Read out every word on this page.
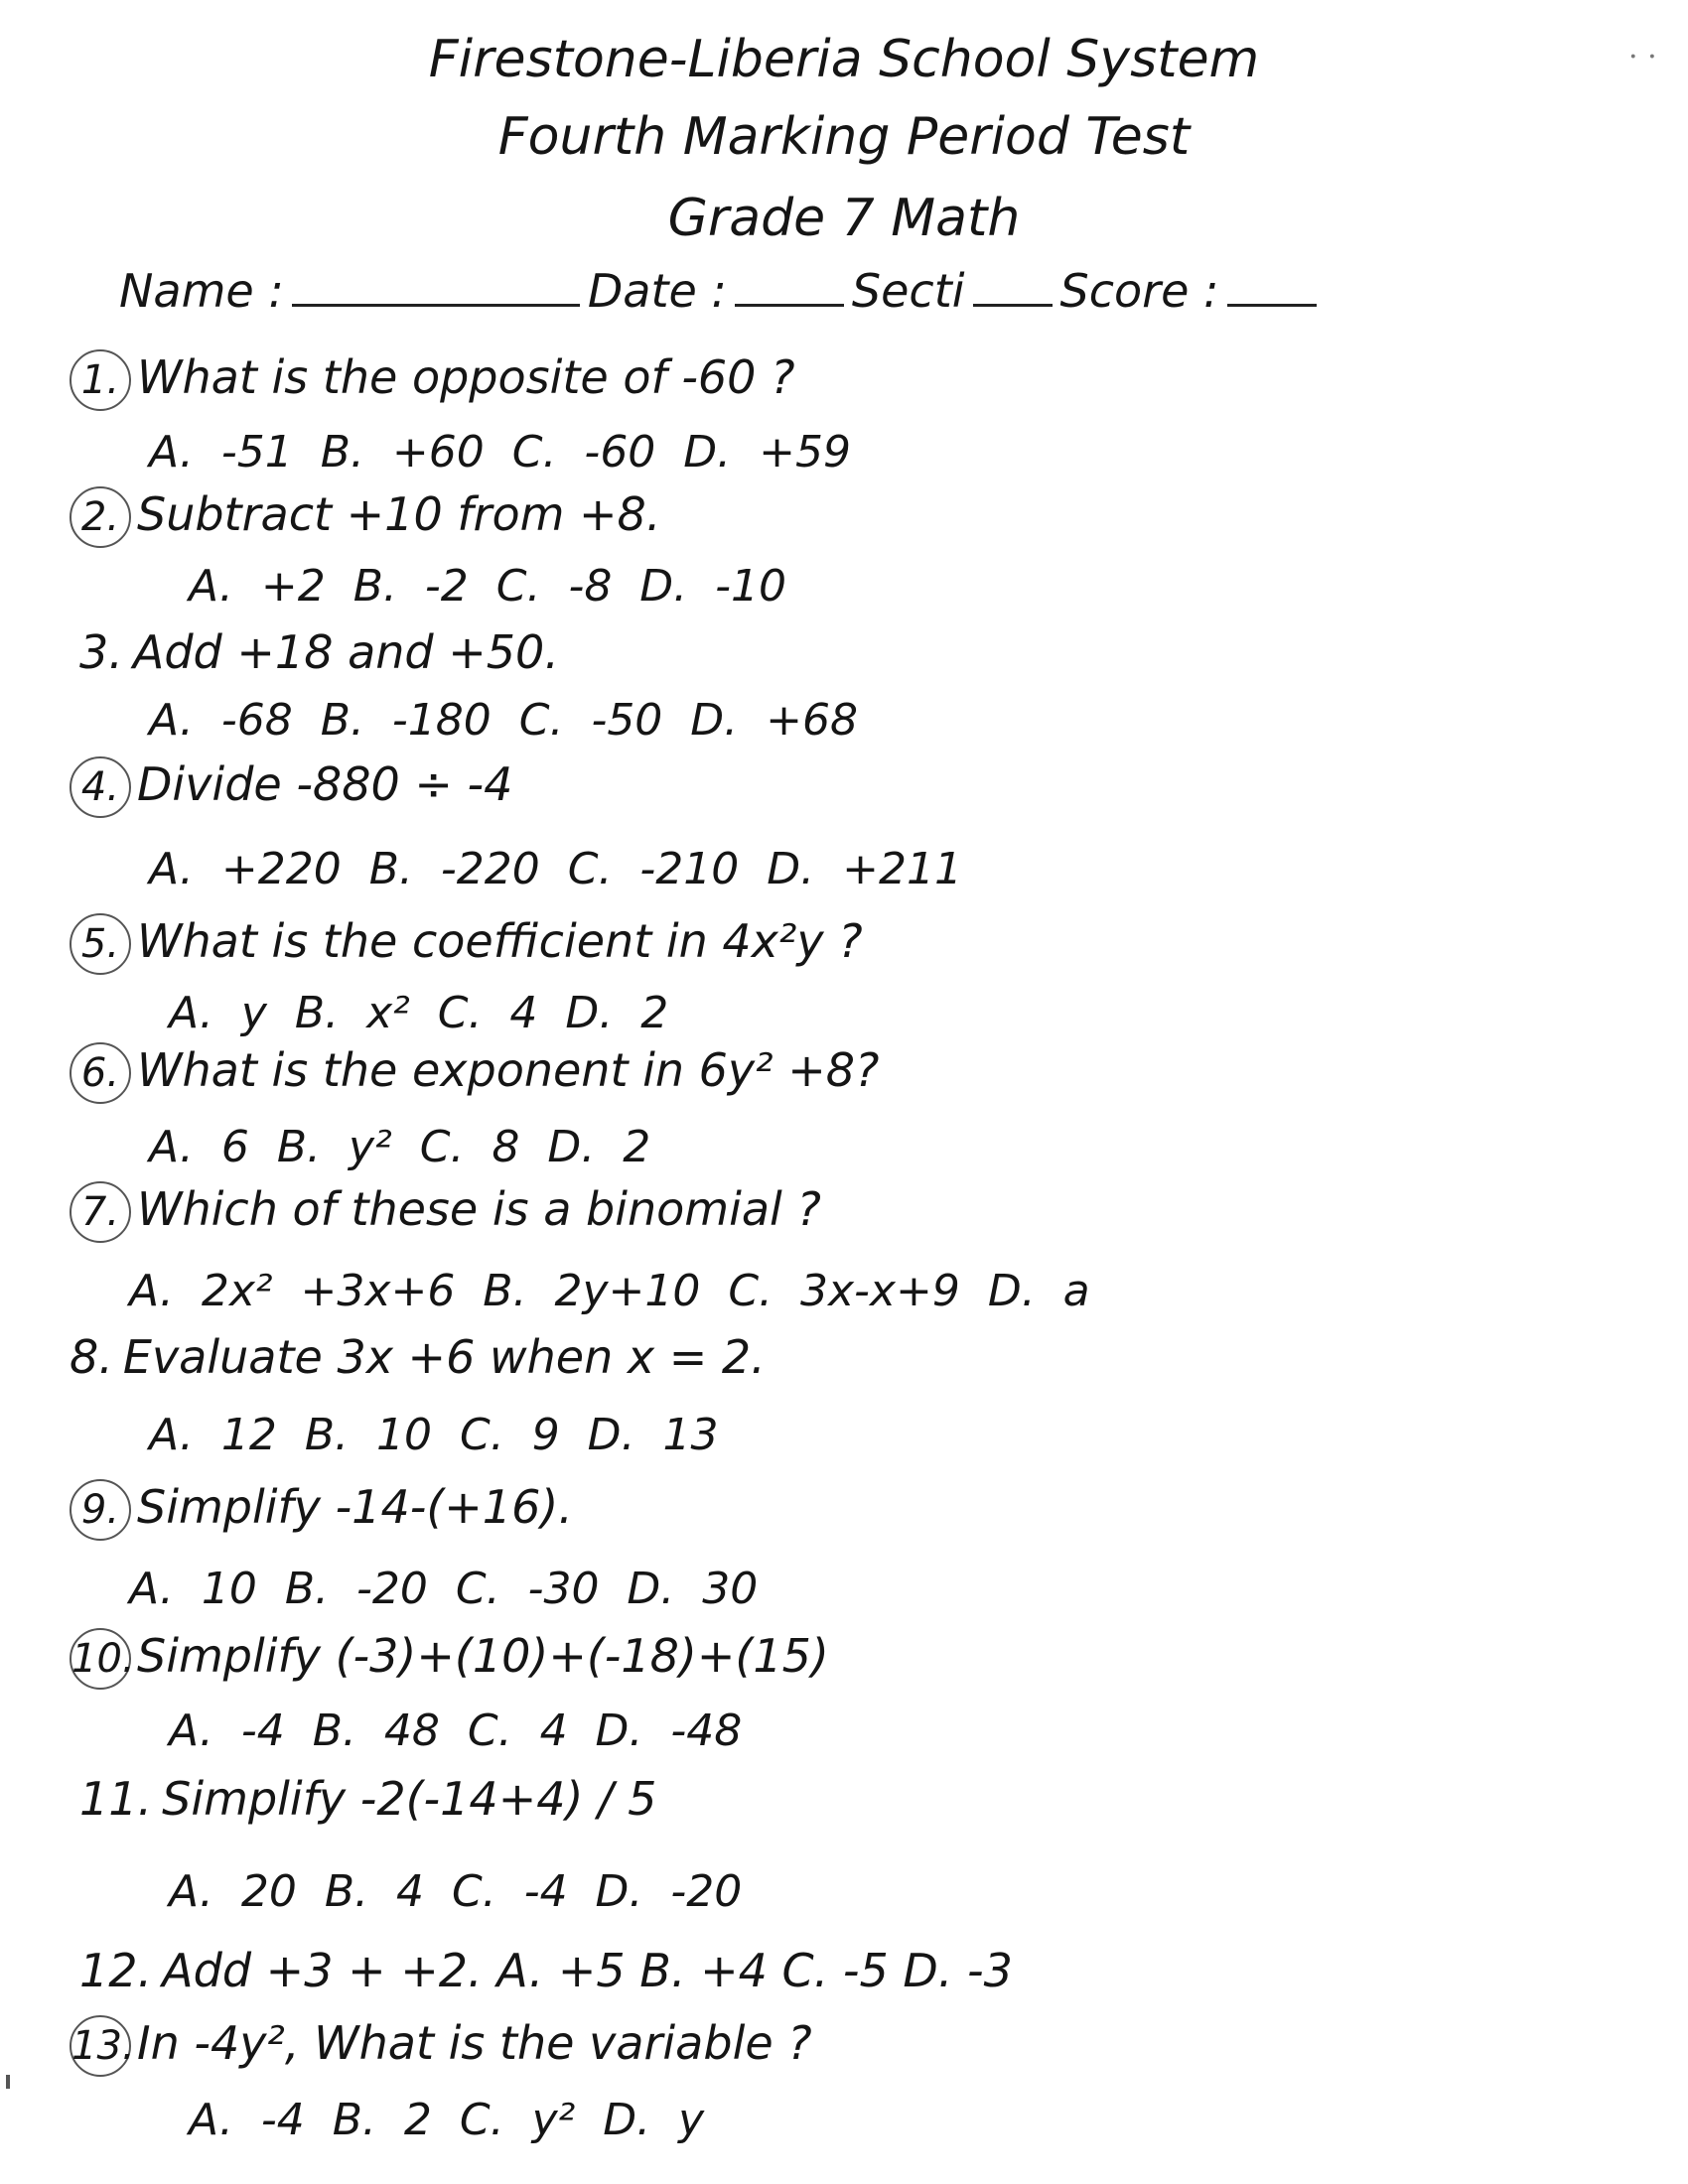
· ·
Firestone-Liberia School System
Fourth Marking Period Test
Grade 7 Math
Name :	Date :	Secti Score :
1. What is the opposite of -60 ?
A. -51 B. +60 C. -60 D. +59
2. Subtract +10 from +8.
A. +2 B. -2 C. -8 D. -10
3. Add +18 and +50.
A. -68 B. -180 C. -50 D. +68
4. Divide -880 ÷ -4
A. +220 B. -220 C. -210 D. +211
5. What is the coefficient in 4x²y ?
A. y B. x² C. 4 D. 2
6. What is the exponent in 6y² +8?
A. 6 B. y² C. 8 D. 2
7. Which of these is a binomial ?
A. 2x² +3x+6 B. 2y+10 C. 3x-x+9 D. a
8. Evaluate 3x +6 when x = 2.
A. 12 B. 10 C. 9 D. 13
9. Simplify -14-(+16).
A. 10 B. -20 C. -30 D. 30
10.Simplify (-3)+(10)+(-18)+(15)
A. -4 B. 48 C. 4 D. -48
11. Simplify -2(-14+4) / 5
A. 20 B. 4 C. -4 D. -20
12. Add +3 + +2. A. +5 B. +4 C. -5 D. -3
13.In -4y², What is the variable ?
A. -4 B. 2 C. y² D. y
